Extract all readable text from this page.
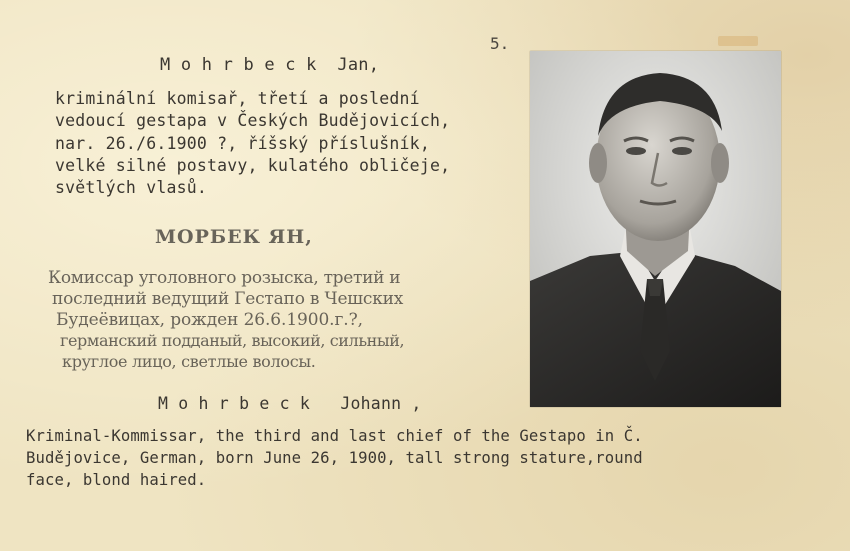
5.
M o h r b e c k  Jan,
kriminální komisař, třetí a poslední
vedoucí gestapa v Českých Budějovicích,
nar. 26./6.1900 ?, říšský příslušník,
velké silné postavy, kulatého obličeje,
světlých vlasů.
МОРБЕК ЯН,
Комиссар уголовного розыска, третий и
последний ведущий Гестапо в Чешских
Будеёвицах, рожден 26.6.1900.г.?,
германский подданый, высокий, сильный,
круглое лицо, светлые волосы.
M o h r b e c k   Johann ,
Kriminal-Kommissar, the third and last chief of the Gestapo in Č.
Budějovice, German, born June 26, 1900, tall strong stature,round
face, blond haired.
